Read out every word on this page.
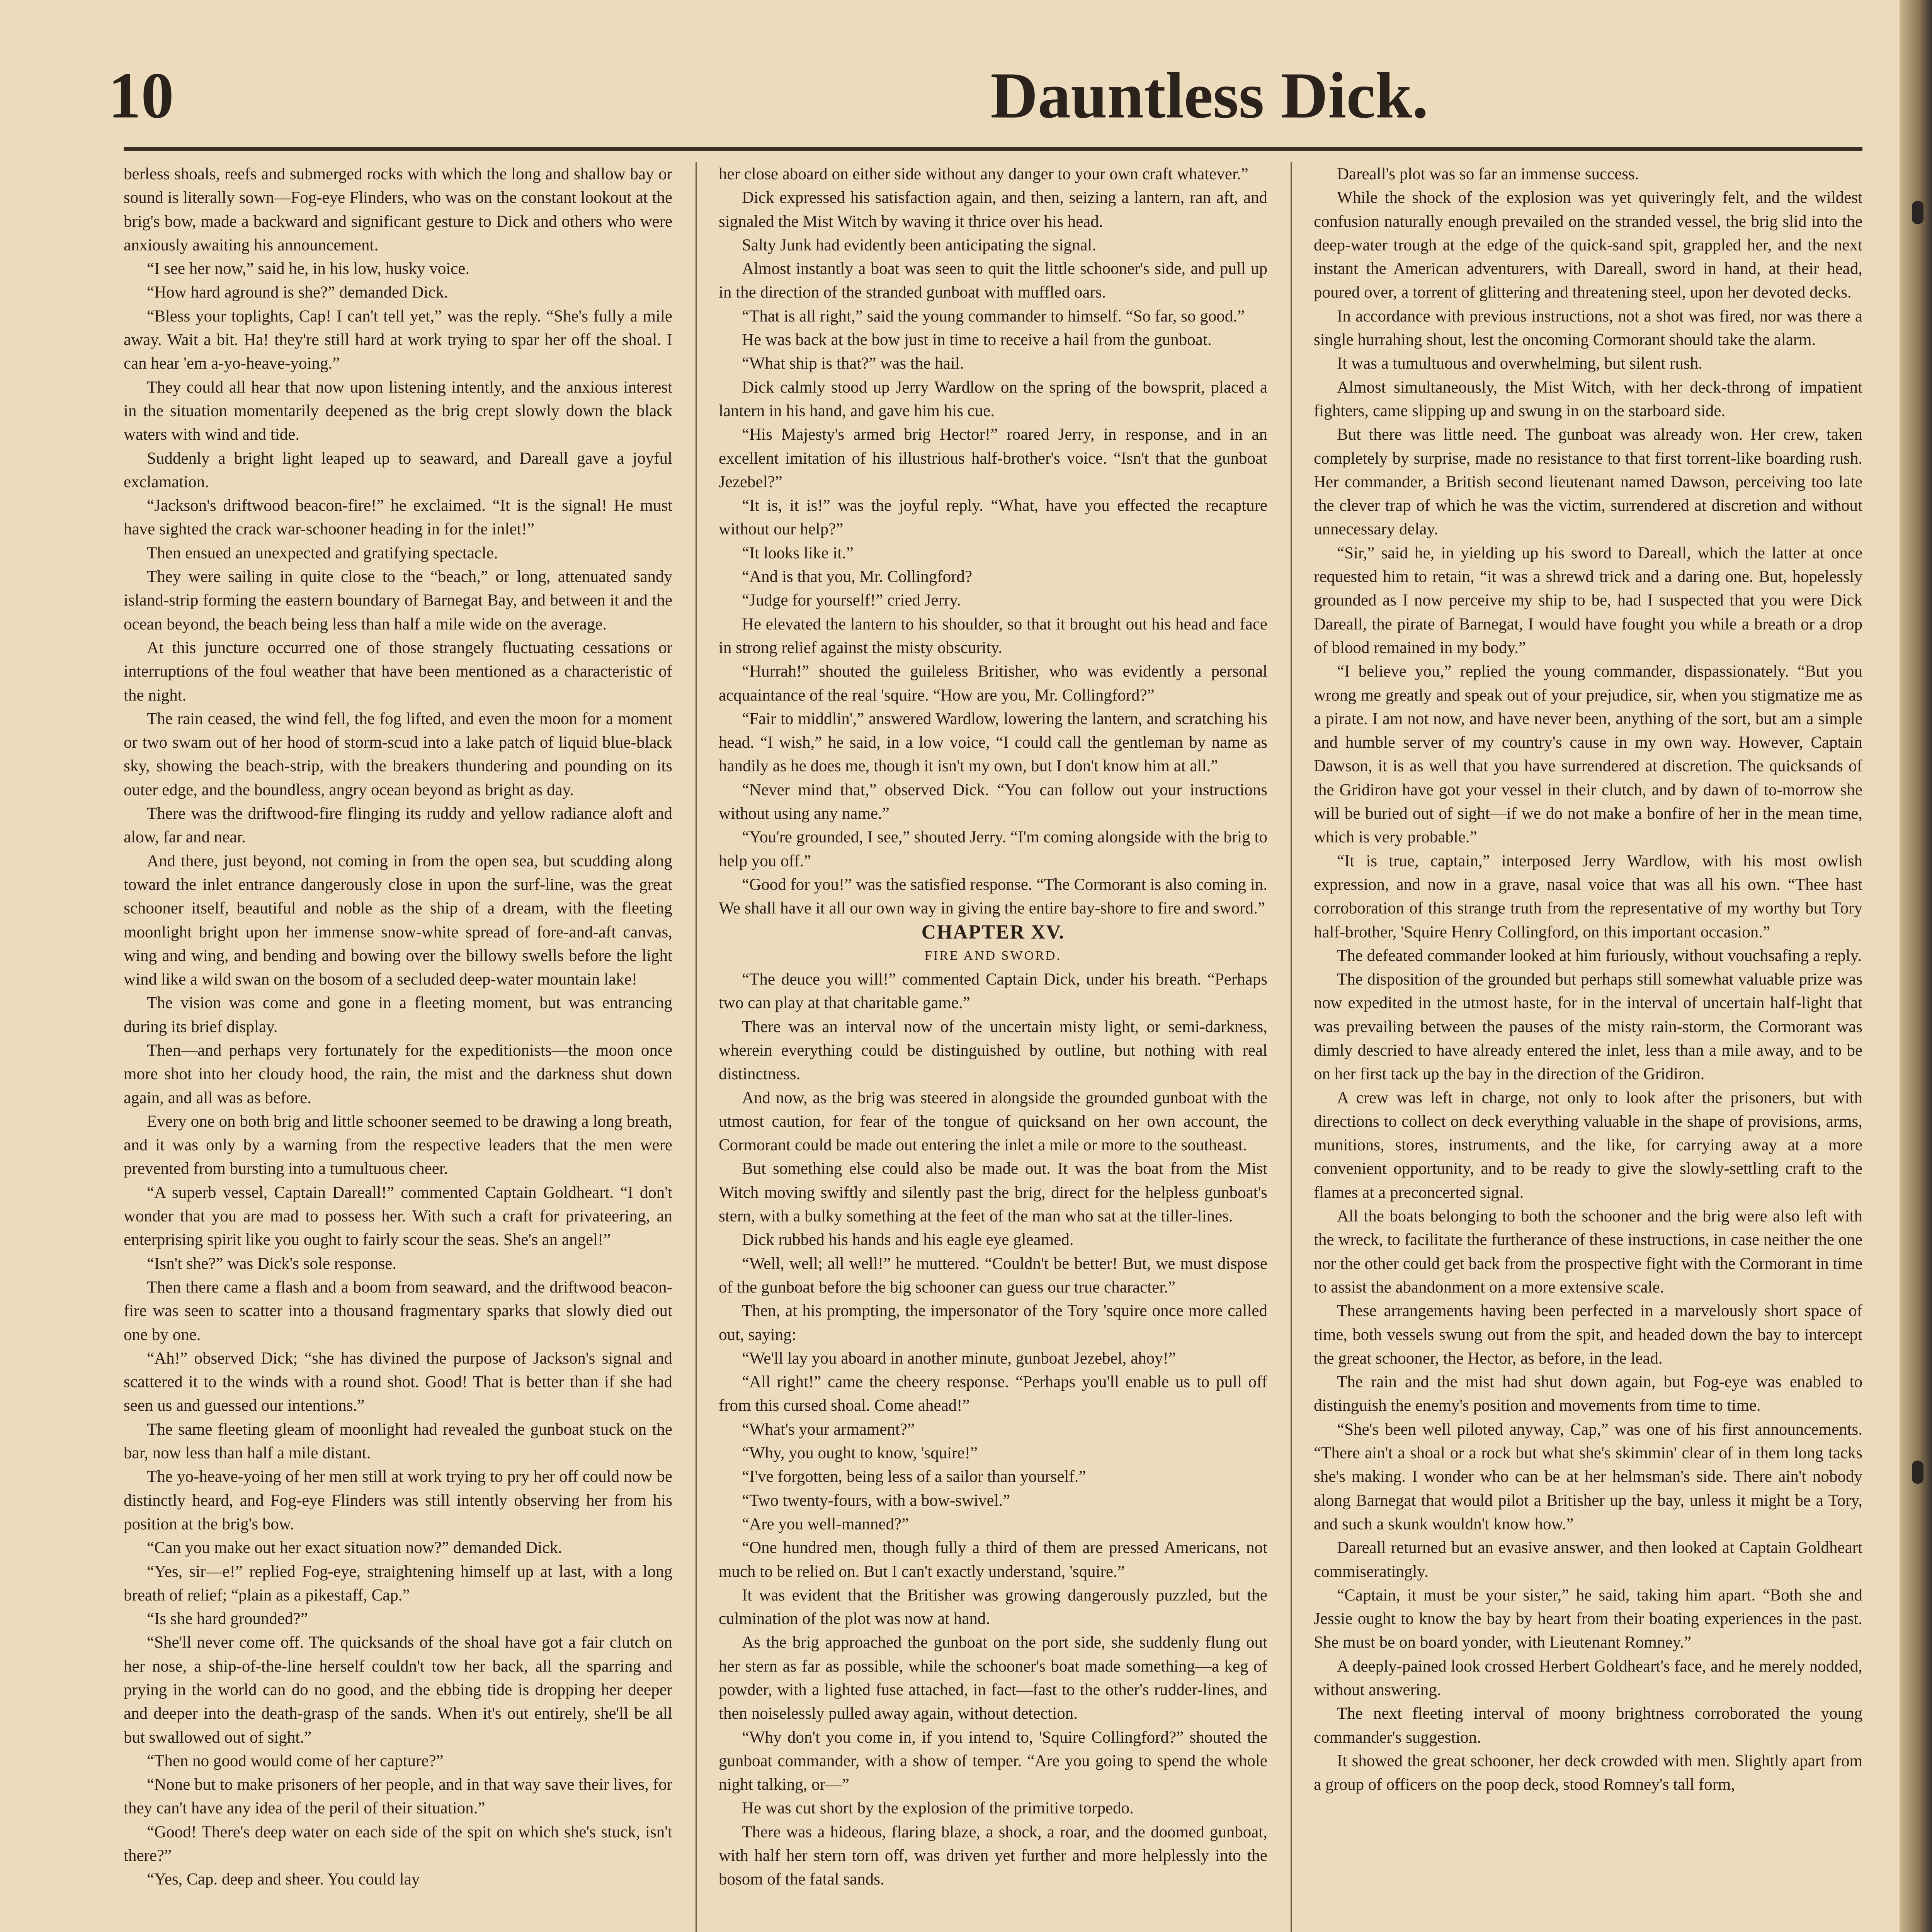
10	Dauntless Dick.

berless shoals, reefs and submerged rocks with which the long and shallow bay or sound is literally sown—Fog-eye Flinders, who was on the constant lookout at the brig's bow, made a backward and significant gesture to Dick and others who were anxiously awaiting his announcement.

“I see her now,” said he, in his low, husky voice.

“How hard aground is she?” demanded Dick.

“Bless your toplights, Cap! I can't tell yet,” was the reply. “She's fully a mile away. Wait a bit. Ha! they're still hard at work trying to spar her off the shoal. I can hear 'em a-yo-heave-yoing.”

They could all hear that now upon listening intently, and the anxious interest in the situation momentarily deepened as the brig crept slowly down the black waters with wind and tide.

Suddenly a bright light leaped up to seaward, and Dareall gave a joyful exclamation.

“Jackson's driftwood beacon-fire!” he exclaimed. “It is the signal! He must have sighted the crack war-schooner heading in for the inlet!”

Then ensued an unexpected and gratifying spectacle.

They were sailing in quite close to the “beach,” or long, attenuated sandy island-strip forming the eastern boundary of Barnegat Bay, and between it and the ocean beyond, the beach being less than half a mile wide on the average.

At this juncture occurred one of those strangely fluctuating cessations or interruptions of the foul weather that have been mentioned as a characteristic of the night.

The rain ceased, the wind fell, the fog lifted, and even the moon for a moment or two swam out of her hood of storm-scud into a lake patch of liquid blue-black sky, showing the beach-strip, with the breakers thundering and pounding on its outer edge, and the boundless, angry ocean beyond as bright as day.

There was the driftwood-fire flinging its ruddy and yellow radiance aloft and alow, far and near.

And there, just beyond, not coming in from the open sea, but scudding along toward the inlet entrance dangerously close in upon the surf-line, was the great schooner itself, beautiful and noble as the ship of a dream, with the fleeting moonlight bright upon her immense snow-white spread of fore-and-aft canvas, wing and wing, and bending and bowing over the billowy swells before the light wind like a wild swan on the bosom of a secluded deep-water mountain lake!

The vision was come and gone in a fleeting moment, but was entrancing during its brief display.

Then—and perhaps very fortunately for the expeditionists—the moon once more shot into her cloudy hood, the rain, the mist and the darkness shut down again, and all was as before.

Every one on both brig and little schooner seemed to be drawing a long breath, and it was only by a warning from the respective leaders that the men were prevented from bursting into a tumultuous cheer.

“A superb vessel, Captain Dareall!” commented Captain Goldheart. “I don't wonder that you are mad to possess her. With such a craft for privateering, an enterprising spirit like you ought to fairly scour the seas. She's an angel!”

“Isn't she?” was Dick's sole response.

Then there came a flash and a boom from seaward, and the driftwood beacon-fire was seen to scatter into a thousand fragmentary sparks that slowly died out one by one.

“Ah!” observed Dick; “she has divined the purpose of Jackson's signal and scattered it to the winds with a round shot. Good! That is better than if she had seen us and guessed our intentions.”

The same fleeting gleam of moonlight had revealed the gunboat stuck on the bar, now less than half a mile distant.

The yo-heave-yoing of her men still at work trying to pry her off could now be distinctly heard, and Fog-eye Flinders was still intently observing her from his position at the brig's bow.

“Can you make out her exact situation now?” demanded Dick.

“Yes, sir—e!” replied Fog-eye, straightening himself up at last, with a long breath of relief; “plain as a pikestaff, Cap.”

“Is she hard grounded?”

“She'll never come off. The quicksands of the shoal have got a fair clutch on her nose, a ship-of-the-line herself couldn't tow her back, all the sparring and prying in the world can do no good, and the ebbing tide is dropping her deeper and deeper into the death-grasp of the sands. When it's out entirely, she'll be all but swallowed out of sight.”

“Then no good would come of her capture?”

“None but to make prisoners of her people, and in that way save their lives, for they can't have any idea of the peril of their situation.”

“Good! There's deep water on each side of the spit on which she's stuck, isn't there?”

“Yes, Cap. deep and sheer. You could lay

her close aboard on either side without any danger to your own craft whatever.”

Dick expressed his satisfaction again, and then, seizing a lantern, ran aft, and signaled the Mist Witch by waving it thrice over his head.

Salty Junk had evidently been anticipating the signal.

Almost instantly a boat was seen to quit the little schooner's side, and pull up in the direction of the stranded gunboat with muffled oars.

“That is all right,” said the young commander to himself. “So far, so good.”

He was back at the bow just in time to receive a hail from the gunboat.

“What ship is that?” was the hail.

Dick calmly stood up Jerry Wardlow on the spring of the bowsprit, placed a lantern in his hand, and gave him his cue.

“His Majesty's armed brig Hector!” roared Jerry, in response, and in an excellent imitation of his illustrious half-brother's voice. “Isn't that the gunboat Jezebel?”

“It is, it is!” was the joyful reply. “What, have you effected the recapture without our help?”

“It looks like it.”

“And is that you, Mr. Collingford?

“Judge for yourself!” cried Jerry.

He elevated the lantern to his shoulder, so that it brought out his head and face in strong relief against the misty obscurity.

“Hurrah!” shouted the guileless Britisher, who was evidently a personal acquaintance of the real 'squire. “How are you, Mr. Collingford?”

“Fair to middlin',” answered Wardlow, lowering the lantern, and scratching his head. “I wish,” he said, in a low voice, “I could call the gentleman by name as handily as he does me, though it isn't my own, but I don't know him at all.”

“Never mind that,” observed Dick. “You can follow out your instructions without using any name.”

“You're grounded, I see,” shouted Jerry. “I'm coming alongside with the brig to help you off.”

“Good for you!” was the satisfied response. “The Cormorant is also coming in. We shall have it all our own way in giving the entire bay-shore to fire and sword.”

CHAPTER XV.

FIRE AND SWORD.

“The deuce you will!” commented Captain Dick, under his breath. “Perhaps two can play at that charitable game.”

There was an interval now of the uncertain misty light, or semi-darkness, wherein everything could be distinguished by outline, but nothing with real distinctness.

And now, as the brig was steered in alongside the grounded gunboat with the utmost caution, for fear of the tongue of quicksand on her own account, the Cormorant could be made out entering the inlet a mile or more to the southeast.

But something else could also be made out. It was the boat from the Mist Witch moving swiftly and silently past the brig, direct for the helpless gunboat's stern, with a bulky something at the feet of the man who sat at the tiller-lines.

Dick rubbed his hands and his eagle eye gleamed.

“Well, well; all well!” he muttered. “Couldn't be better! But, we must dispose of the gunboat before the big schooner can guess our true character.”

Then, at his prompting, the impersonator of the Tory 'squire once more called out, saying:

“We'll lay you aboard in another minute, gunboat Jezebel, ahoy!”

“All right!” came the cheery response. “Perhaps you'll enable us to pull off from this cursed shoal. Come ahead!”

“What's your armament?”

“Why, you ought to know, 'squire!”

“I've forgotten, being less of a sailor than yourself.”

“Two twenty-fours, with a bow-swivel.”

“Are you well-manned?”

“One hundred men, though fully a third of them are pressed Americans, not much to be relied on. But I can't exactly understand, 'squire.”

It was evident that the Britisher was growing dangerously puzzled, but the culmination of the plot was now at hand.

As the brig approached the gunboat on the port side, she suddenly flung out her stern as far as possible, while the schooner's boat made something—a keg of powder, with a lighted fuse attached, in fact—fast to the other's rudder-lines, and then noiselessly pulled away again, without detection.

“Why don't you come in, if you intend to, 'Squire Collingford?” shouted the gunboat commander, with a show of temper. “Are you going to spend the whole night talking, or—”

He was cut short by the explosion of the primitive torpedo.

There was a hideous, flaring blaze, a shock, a roar, and the doomed gunboat, with half her stern torn off, was driven yet further and more helplessly into the bosom of the fatal sands.

Dareall's plot was so far an immense success.

While the shock of the explosion was yet quiveringly felt, and the wildest confusion naturally enough prevailed on the stranded vessel, the brig slid into the deep-water trough at the edge of the quick-sand spit, grappled her, and the next instant the American adventurers, with Dareall, sword in hand, at their head, poured over, a torrent of glittering and threatening steel, upon her devoted decks.

In accordance with previous instructions, not a shot was fired, nor was there a single hurrahing shout, lest the oncoming Cormorant should take the alarm.

It was a tumultuous and overwhelming, but silent rush.

Almost simultaneously, the Mist Witch, with her deck-throng of impatient fighters, came slipping up and swung in on the starboard side.

But there was little need. The gunboat was already won. Her crew, taken completely by surprise, made no resistance to that first torrent-like boarding rush. Her commander, a British second lieutenant named Dawson, perceiving too late the clever trap of which he was the victim, surrendered at discretion and without unnecessary delay.

“Sir,” said he, in yielding up his sword to Dareall, which the latter at once requested him to retain, “it was a shrewd trick and a daring one. But, hopelessly grounded as I now perceive my ship to be, had I suspected that you were Dick Dareall, the pirate of Barnegat, I would have fought you while a breath or a drop of blood remained in my body.”

“I believe you,” replied the young commander, dispassionately. “But you wrong me greatly and speak out of your prejudice, sir, when you stigmatize me as a pirate. I am not now, and have never been, anything of the sort, but am a simple and humble server of my country's cause in my own way. However, Captain Dawson, it is as well that you have surrendered at discretion. The quicksands of the Gridiron have got your vessel in their clutch, and by dawn of to-morrow she will be buried out of sight—if we do not make a bonfire of her in the mean time, which is very probable.”

“It is true, captain,” interposed Jerry Wardlow, with his most owlish expression, and now in a grave, nasal voice that was all his own. “Thee hast corroboration of this strange truth from the representative of my worthy but Tory half-brother, 'Squire Henry Collingford, on this important occasion.”

The defeated commander looked at him furiously, without vouchsafing a reply.

The disposition of the grounded but perhaps still somewhat valuable prize was now expedited in the utmost haste, for in the interval of uncertain half-light that was prevailing between the pauses of the misty rain-storm, the Cormorant was dimly descried to have already entered the inlet, less than a mile away, and to be on her first tack up the bay in the direction of the Gridiron.

A crew was left in charge, not only to look after the prisoners, but with directions to collect on deck everything valuable in the shape of provisions, arms, munitions, stores, instruments, and the like, for carrying away at a more convenient opportunity, and to be ready to give the slowly-settling craft to the flames at a preconcerted signal.

All the boats belonging to both the schooner and the brig were also left with the wreck, to facilitate the furtherance of these instructions, in case neither the one nor the other could get back from the prospective fight with the Cormorant in time to assist the abandonment on a more extensive scale.

These arrangements having been perfected in a marvelously short space of time, both vessels swung out from the spit, and headed down the bay to intercept the great schooner, the Hector, as before, in the lead.

The rain and the mist had shut down again, but Fog-eye was enabled to distinguish the enemy's position and movements from time to time.

“She's been well piloted anyway, Cap,” was one of his first announcements. “There ain't a shoal or a rock but what she's skimmin' clear of in them long tacks she's making. I wonder who can be at her helmsman's side. There ain't nobody along Barnegat that would pilot a Britisher up the bay, unless it might be a Tory, and such a skunk wouldn't know how.”

Dareall returned but an evasive answer, and then looked at Captain Goldheart commiseratingly.

“Captain, it must be your sister,” he said, taking him apart. “Both she and Jessie ought to know the bay by heart from their boating experiences in the past. She must be on board yonder, with Lieutenant Romney.”

A deeply-pained look crossed Herbert Goldheart's face, and he merely nodded, without answering.

The next fleeting interval of moony brightness corroborated the young commander's suggestion.

It showed the great schooner, her deck crowded with men. Slightly apart from a group of officers on the poop deck, stood Romney's tall form,
